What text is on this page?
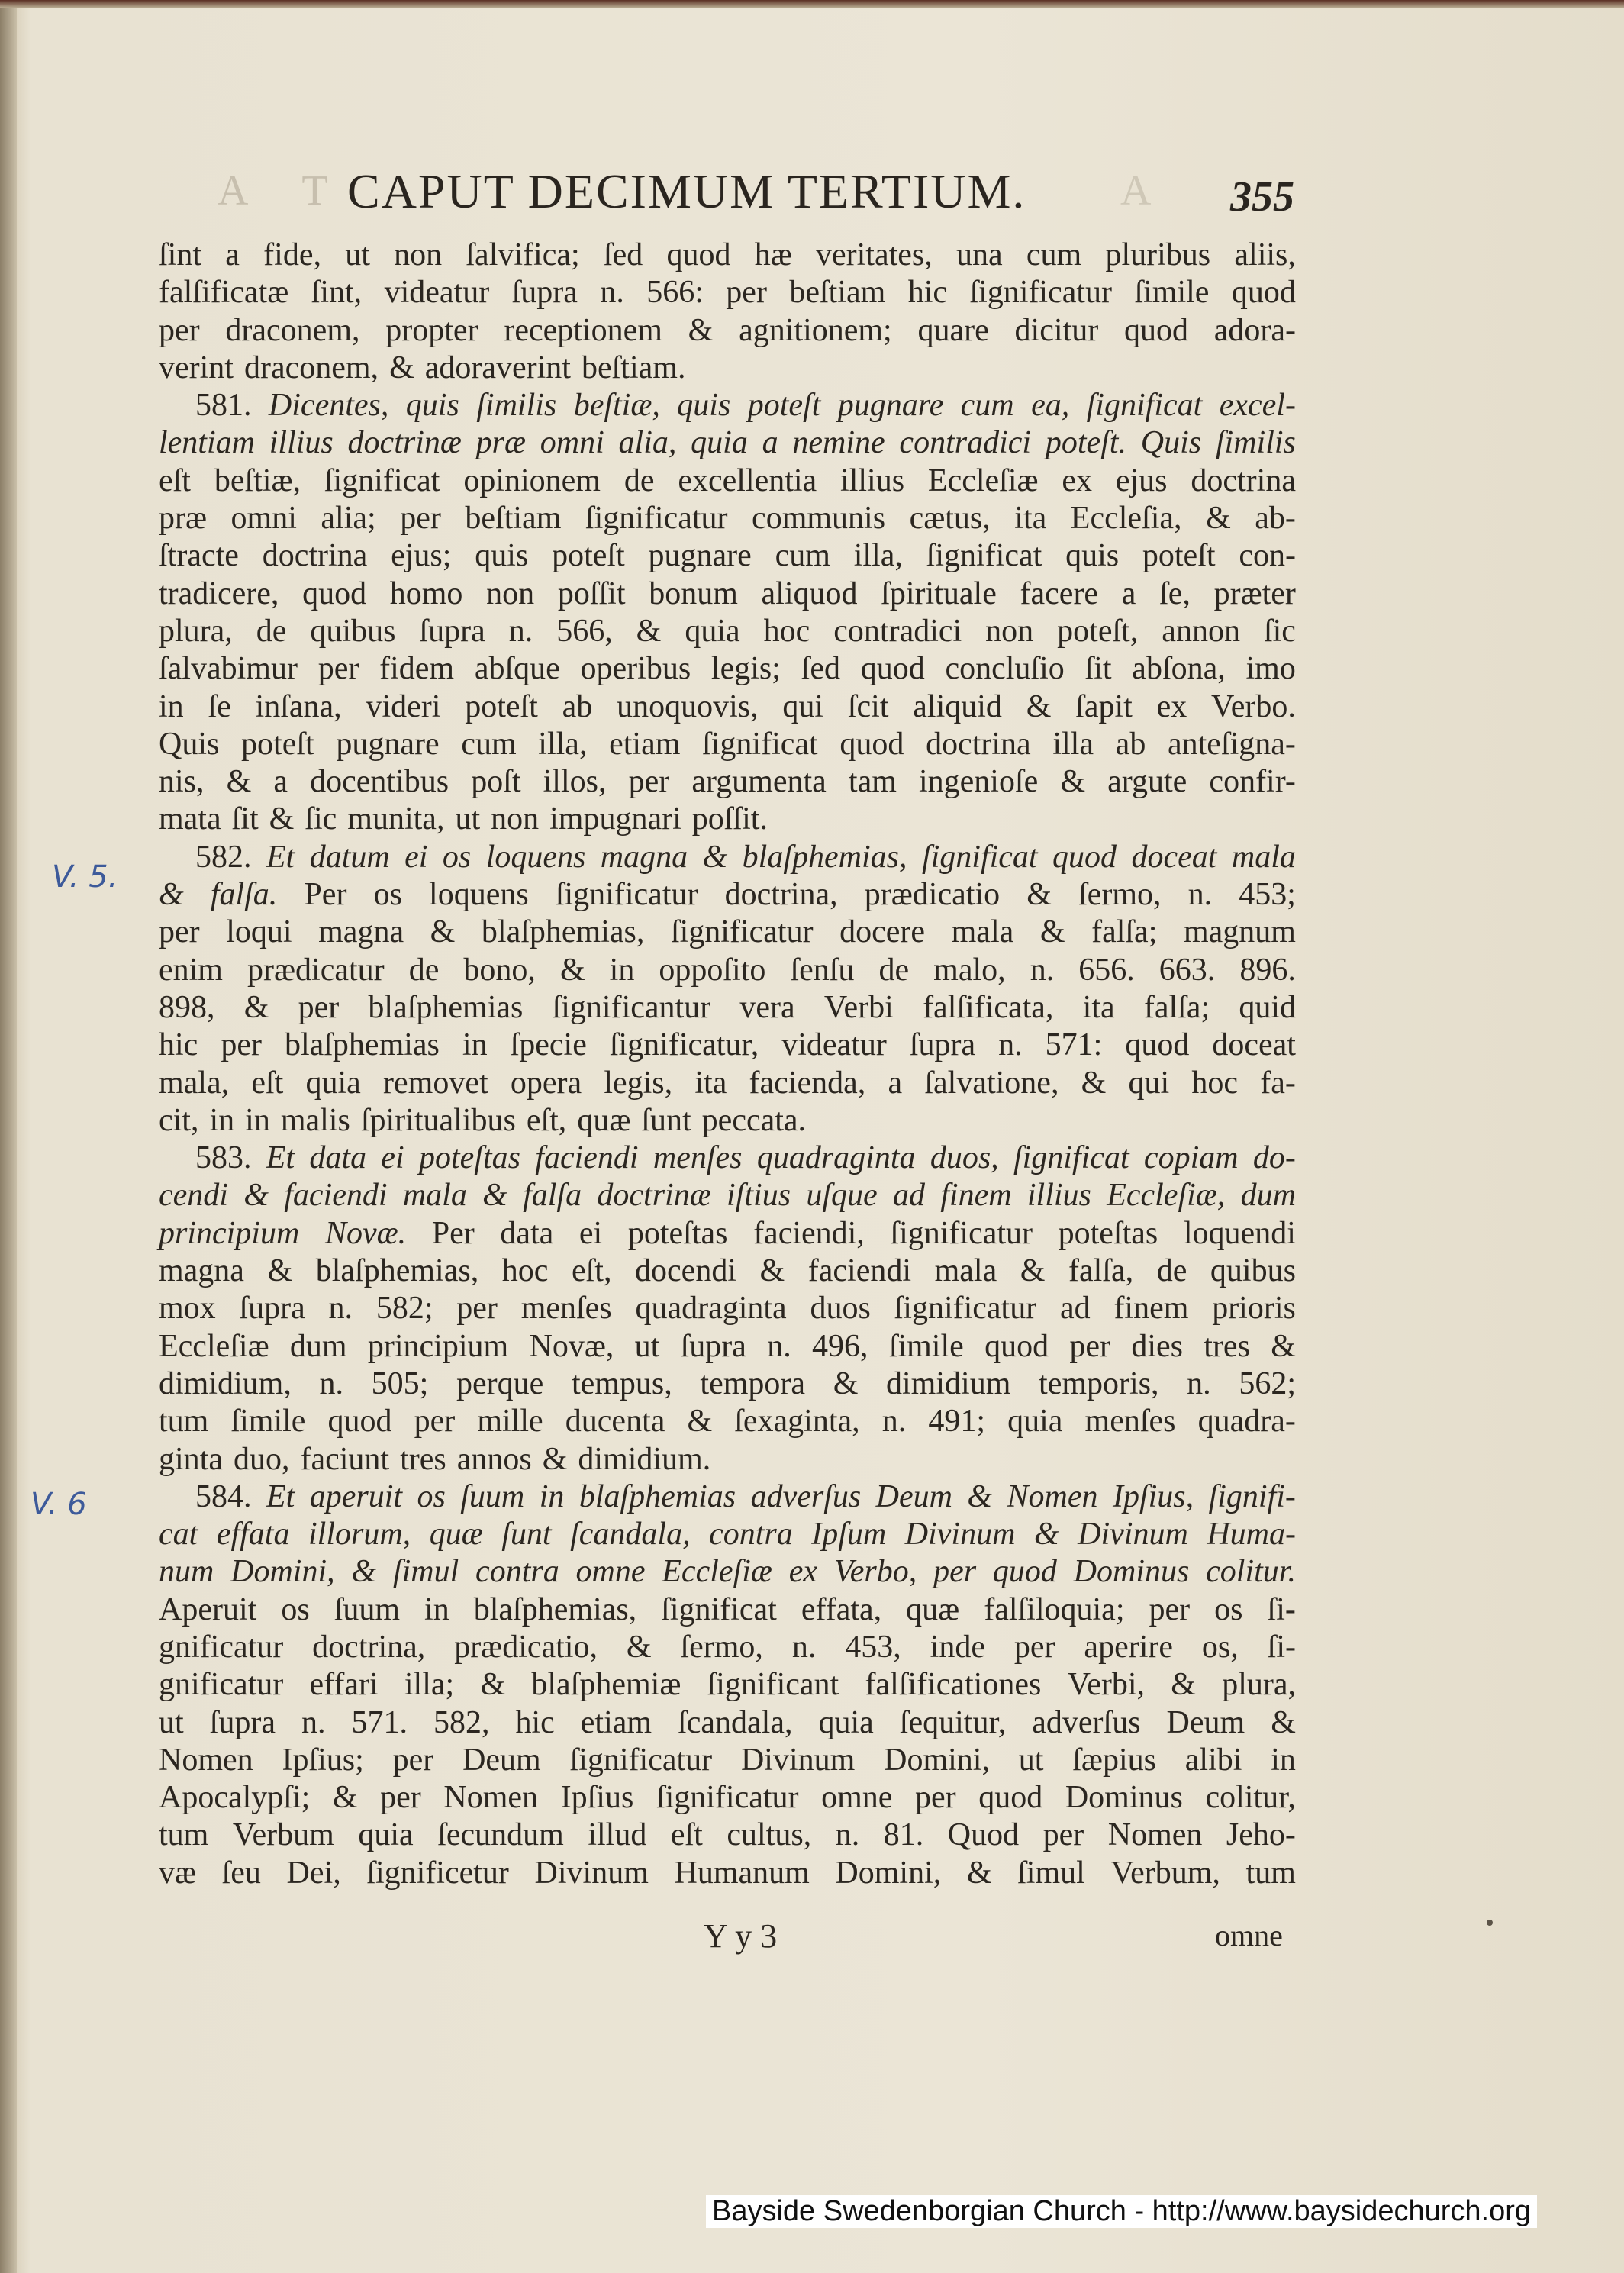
A T	A
CAPUT DECIMUM TERTIUM.	355
V. 5.
V. 6
ſint a fide, ut non ſalvifica; ſed quod hæ veritates, una cum pluribus aliis,
falſificatæ ſint, videatur ſupra n. 566: per beſtiam hic ſignificatur ſimile quod
per draconem, propter receptionem & agnitionem; quare dicitur quod adora-
verint draconem, & adoraverint beſtiam.
581. Dicentes, quis ſimilis beſtiæ, quis poteſt pugnare cum ea, ſignificat excel-
lentiam illius doctrinæ præ omni alia, quia a nemine contradici poteſt. Quis ſimilis
eſt beſtiæ, ſignificat opinionem de excellentia illius Eccleſiæ ex ejus doctrina
præ omni alia; per beſtiam ſignificatur communis cætus, ita Eccleſia, & ab-
ſtracte doctrina ejus; quis poteſt pugnare cum illa, ſignificat quis poteſt con-
tradicere, quod homo non poſſit bonum aliquod ſpirituale facere a ſe, præter
plura, de quibus ſupra n. 566, & quia hoc contradici non poteſt, annon ſic
ſalvabimur per fidem abſque operibus legis; ſed quod concluſio ſit abſona, imo
in ſe inſana, videri poteſt ab unoquovis, qui ſcit aliquid & ſapit ex Verbo.
Quis poteſt pugnare cum illa, etiam ſignificat quod doctrina illa ab anteſigna-
nis, & a docentibus poſt illos, per argumenta tam ingenioſe & argute confir-
mata ſit & ſic munita, ut non impugnari poſſit.
582. Et datum ei os loquens magna & blaſphemias, ſignificat quod doceat mala
& falſa. Per os loquens ſignificatur doctrina, prædicatio & ſermo, n. 453;
per loqui magna & blaſphemias, ſignificatur docere mala & falſa; magnum
enim prædicatur de bono, & in oppoſito ſenſu de malo, n. 656. 663. 896.
898, & per blaſphemias ſignificantur vera Verbi falſificata, ita falſa; quid
hic per blaſphemias in ſpecie ſignificatur, videatur ſupra n. 571: quod doceat
mala, eſt quia removet opera legis, ita facienda, a ſalvatione, & qui hoc fa-
cit, in in malis ſpiritualibus eſt, quæ ſunt peccata.
583. Et data ei poteſtas faciendi menſes quadraginta duos, ſignificat copiam do-
cendi & faciendi mala & falſa doctrinæ iſtius uſque ad finem illius Eccleſiæ, dum
principium Novæ. Per data ei poteſtas faciendi, ſignificatur poteſtas loquendi
magna & blaſphemias, hoc eſt, docendi & faciendi mala & falſa, de quibus
mox ſupra n. 582; per menſes quadraginta duos ſignificatur ad finem prioris
Eccleſiæ dum principium Novæ, ut ſupra n. 496, ſimile quod per dies tres &
dimidium, n. 505; perque tempus, tempora & dimidium temporis, n. 562;
tum ſimile quod per mille ducenta & ſexaginta, n. 491; quia menſes quadra-
ginta duo, faciunt tres annos & dimidium.
584. Et aperuit os ſuum in blaſphemias adverſus Deum & Nomen Ipſius, ſignifi-
cat effata illorum, quæ ſunt ſcandala, contra Ipſum Divinum & Divinum Huma-
num Domini, & ſimul contra omne Eccleſiæ ex Verbo, per quod Dominus colitur.
Aperuit os ſuum in blaſphemias, ſignificat effata, quæ falſiloquia; per os ſi-
gnificatur doctrina, prædicatio, & ſermo, n. 453, inde per aperire os, ſi-
gnificatur effari illa; & blaſphemiæ ſignificant falſificationes Verbi, & plura,
ut ſupra n. 571. 582, hic etiam ſcandala, quia ſequitur, adverſus Deum &
Nomen Ipſius; per Deum ſignificatur Divinum Domini, ut ſæpius alibi in
Apocalypſi; & per Nomen Ipſius ſignificatur omne per quod Dominus colitur,
tum Verbum quia ſecundum illud eſt cultus, n. 81. Quod per Nomen Jeho-
væ ſeu Dei, ſignificetur Divinum Humanum Domini, & ſimul Verbum, tum
Y y 3	omne
Bayside Swedenborgian Church - http://www.baysidechurch.org
